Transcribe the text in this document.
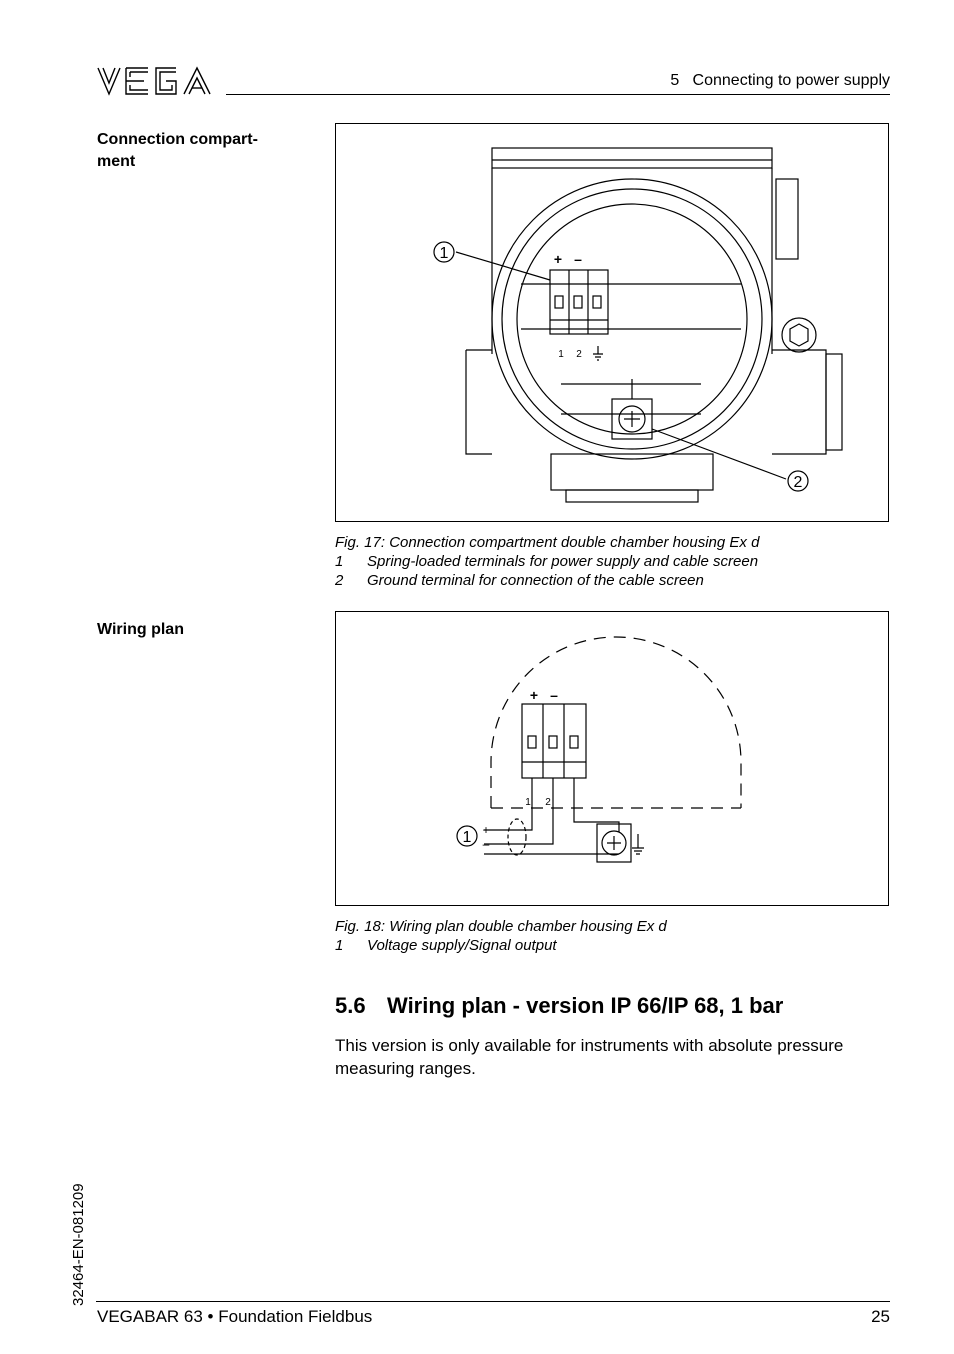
5   Connecting to power supply
Connection compart-
ment
1
2
+ –
1 2
Fig. 17: Connection compartment double chamber housing Ex d
1 Spring-loaded terminals for power supply and cable screen
2 Ground terminal for connection of the cable screen
Wiring plan
1
+ –
1 2
+
–
Fig. 18: Wiring plan double chamber housing Ex d
1 Voltage supply/Signal output
5.6 Wiring plan - version IP 66/IP 68, 1 bar
This version is only available for instruments with absolute pressure measuring ranges.
32464-EN-081209
VEGABAR 63 • Foundation Fieldbus	25
